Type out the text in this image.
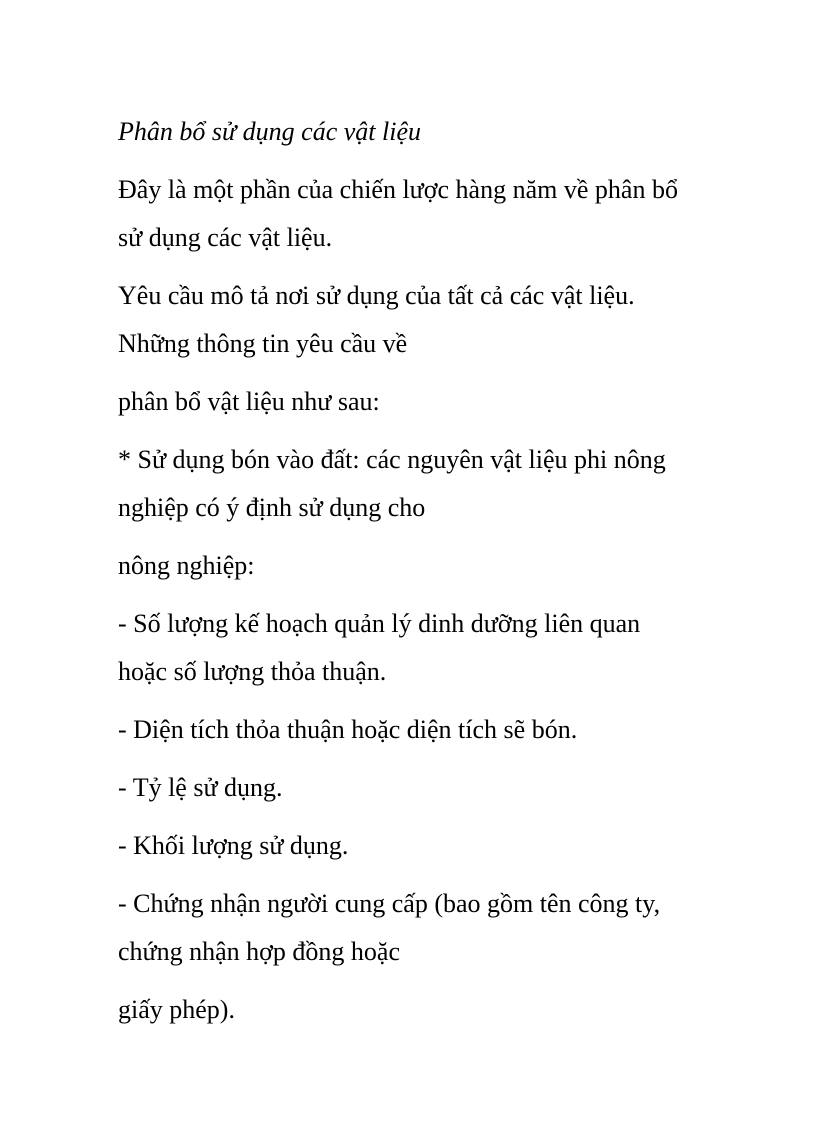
Phân bổ sử dụng các vật liệu

Đây là một phần của chiến lược hàng năm về phân bổ

sử dụng các vật liệu.

Yêu cầu mô tả nơi sử dụng của tất cả các vật liệu.

Những thông tin yêu cầu về

phân bổ vật liệu như sau:

* Sử dụng bón vào đất: các nguyên vật liệu phi nông

nghiệp có ý định sử dụng cho

nông nghiệp:

- Số lượng kế hoạch quản lý dinh dưỡng liên quan

hoặc số lượng thỏa thuận.

- Diện tích thỏa thuận hoặc diện tích sẽ bón.

- Tỷ lệ sử dụng.

- Khối lượng sử dụng.

- Chứng nhận người cung cấp (bao gồm tên công ty,

chứng nhận hợp đồng hoặc

giấy phép).
